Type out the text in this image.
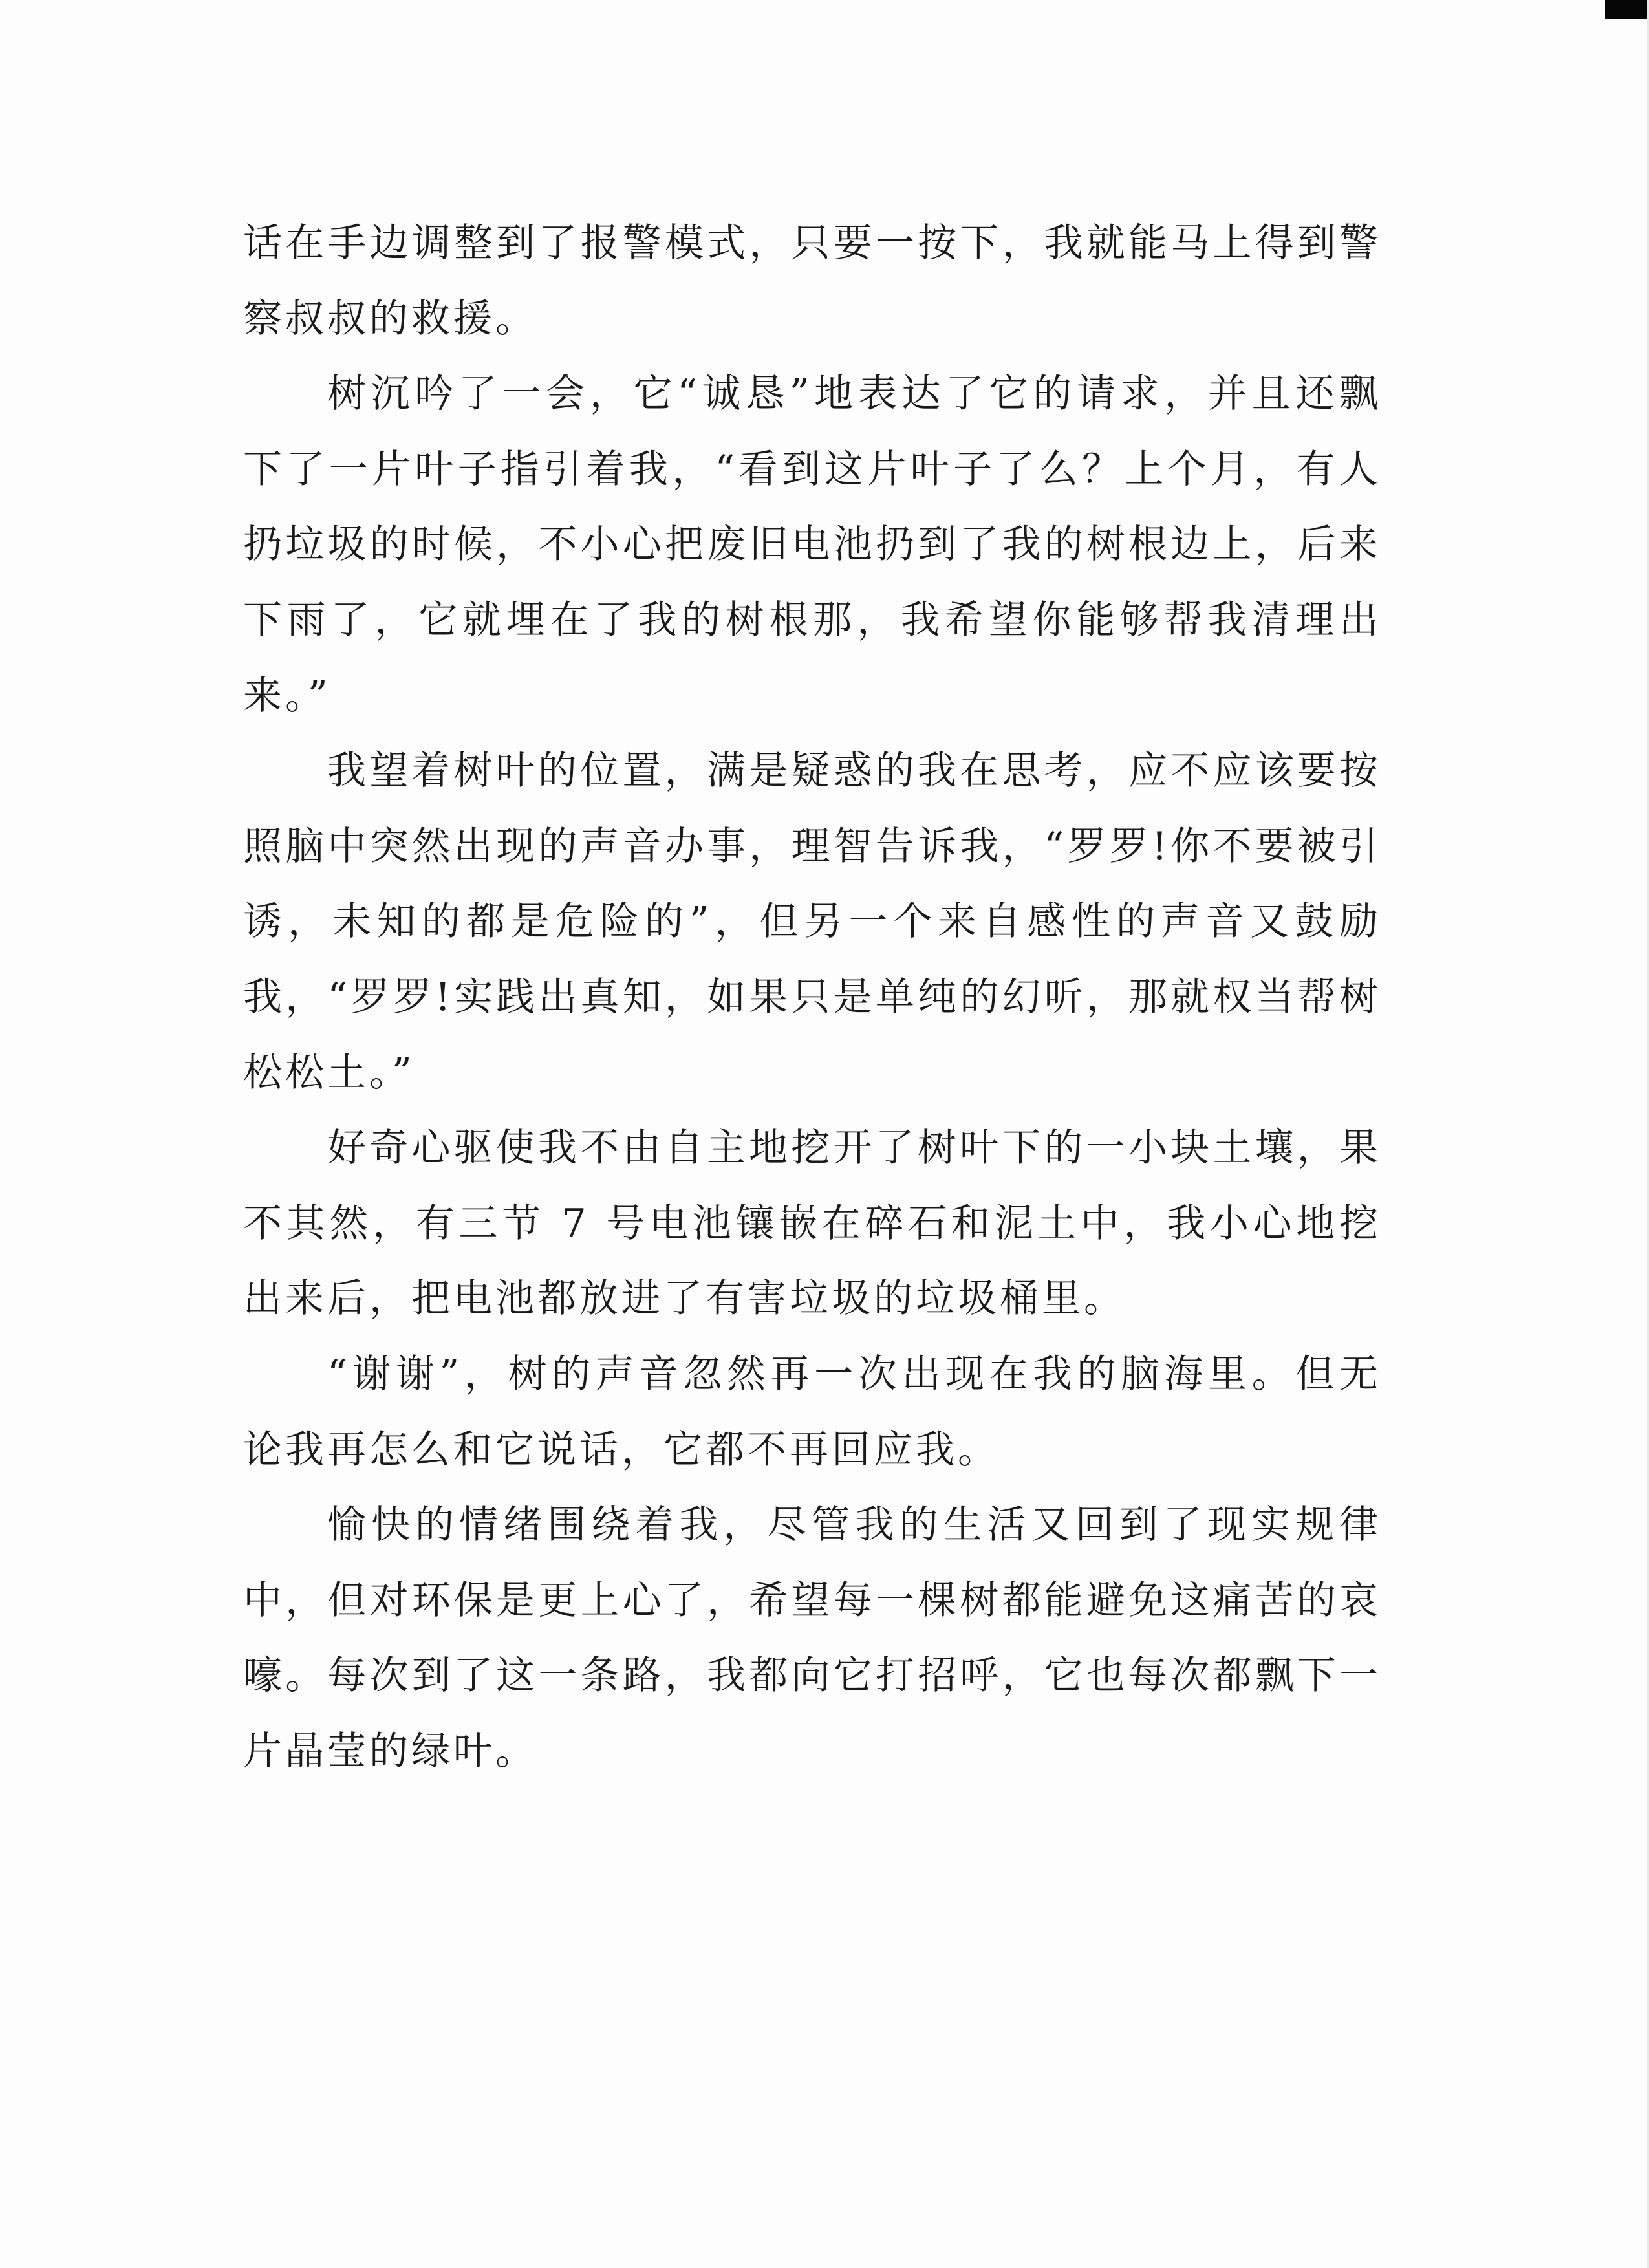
话在手边调整到了报警模式，只要一按下，我就能马上得到警察叔叔的救援。

树沉吟了一会，它“诚恳”地表达了它的请求，并且还飘下了一片叶子指引着我，“看到这片叶子了么？上个月，有人扔垃圾的时候，不小心把废旧电池扔到了我的树根边上，后来下雨了，它就埋在了我的树根那，我希望你能够帮我清理出来。”

我望着树叶的位置，满是疑惑的我在思考，应不应该要按照脑中突然出现的声音办事，理智告诉我，“罗罗!你不要被引诱，未知的都是危险的”，但另一个来自感性的声音又鼓励我，“罗罗!实践出真知，如果只是单纯的幻听，那就权当帮树松松土。”

好奇心驱使我不由自主地挖开了树叶下的一小块土壤，果不其然，有三节 7 号电池镶嵌在碎石和泥土中，我小心地挖出来后，把电池都放进了有害垃圾的垃圾桶里。

“谢谢”，树的声音忽然再一次出现在我的脑海里。但无论我再怎么和它说话，它都不再回应我。

愉快的情绪围绕着我，尽管我的生活又回到了现实规律中，但对环保是更上心了，希望每一棵树都能避免这痛苦的哀嚎。每次到了这一条路，我都向它打招呼，它也每次都飘下一片晶莹的绿叶。
